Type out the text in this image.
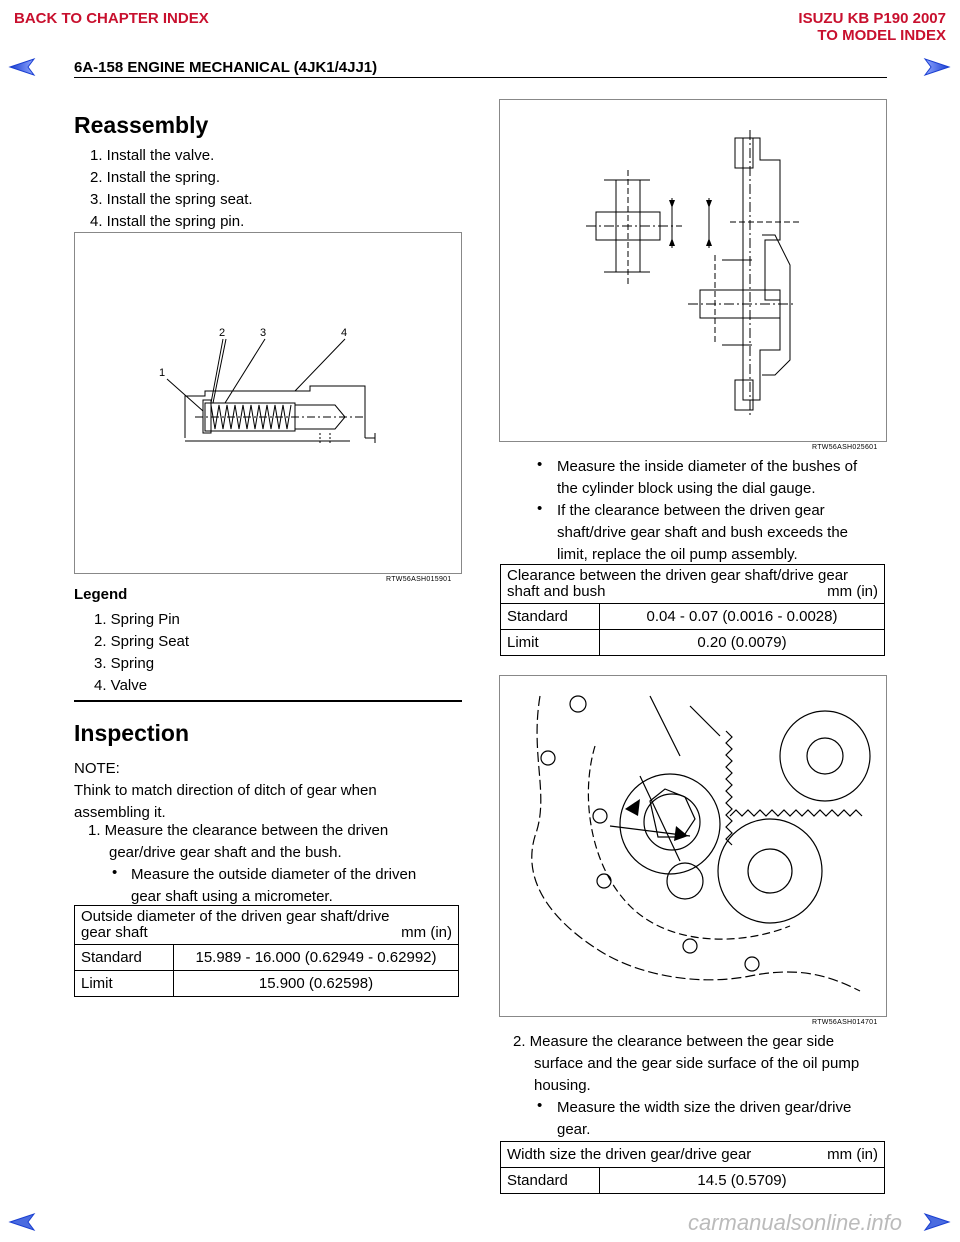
BACK TO CHAPTER INDEX	ISUZU KB P190 2007
TO MODEL INDEX
6A-158 ENGINE MECHANICAL (4JK1/4JJ1)
Reassembly
1. Install the valve.
2. Install the spring.
3. Install the spring seat.
4. Install the spring pin.
1
2	3	4
RTW56ASH015901
Legend
1. Spring Pin
2. Spring Seat
3. Spring
4. Valve
Inspection
NOTE:
Think to match direction of ditch of gear when
assembling it.
1. Measure the clearance between the driven
gear/drive gear shaft and the bush.
• Measure the outside diameter of the driven
gear shaft using a micrometer.
Outside diameter of the driven gear shaft/drive
gear shaft mm (in)	

Standard	15.989 - 16.000 (0.62949 - 0.62992)
Limit	15.900 (0.62598)
RTW56ASH025601
• Measure the inside diameter of the bushes of
the cylinder block using the dial gauge.
• If the clearance between the driven gear
shaft/drive gear shaft and bush exceeds the
limit, replace the oil pump assembly.
Clearance between the driven gear shaft/drive gear
shaft and bush mm (in)	

Standard	0.04 - 0.07 (0.0016 - 0.0028)
Limit	0.20 (0.0079)
RTW56ASH014701
2. Measure the clearance between the gear side
surface and the gear side surface of the oil pump
housing.
• Measure the width size the driven gear/drive
gear.
Width size the driven gear/drive gear	mm (in)

Standard	14.5 (0.5709)
carmanualsonline.info
